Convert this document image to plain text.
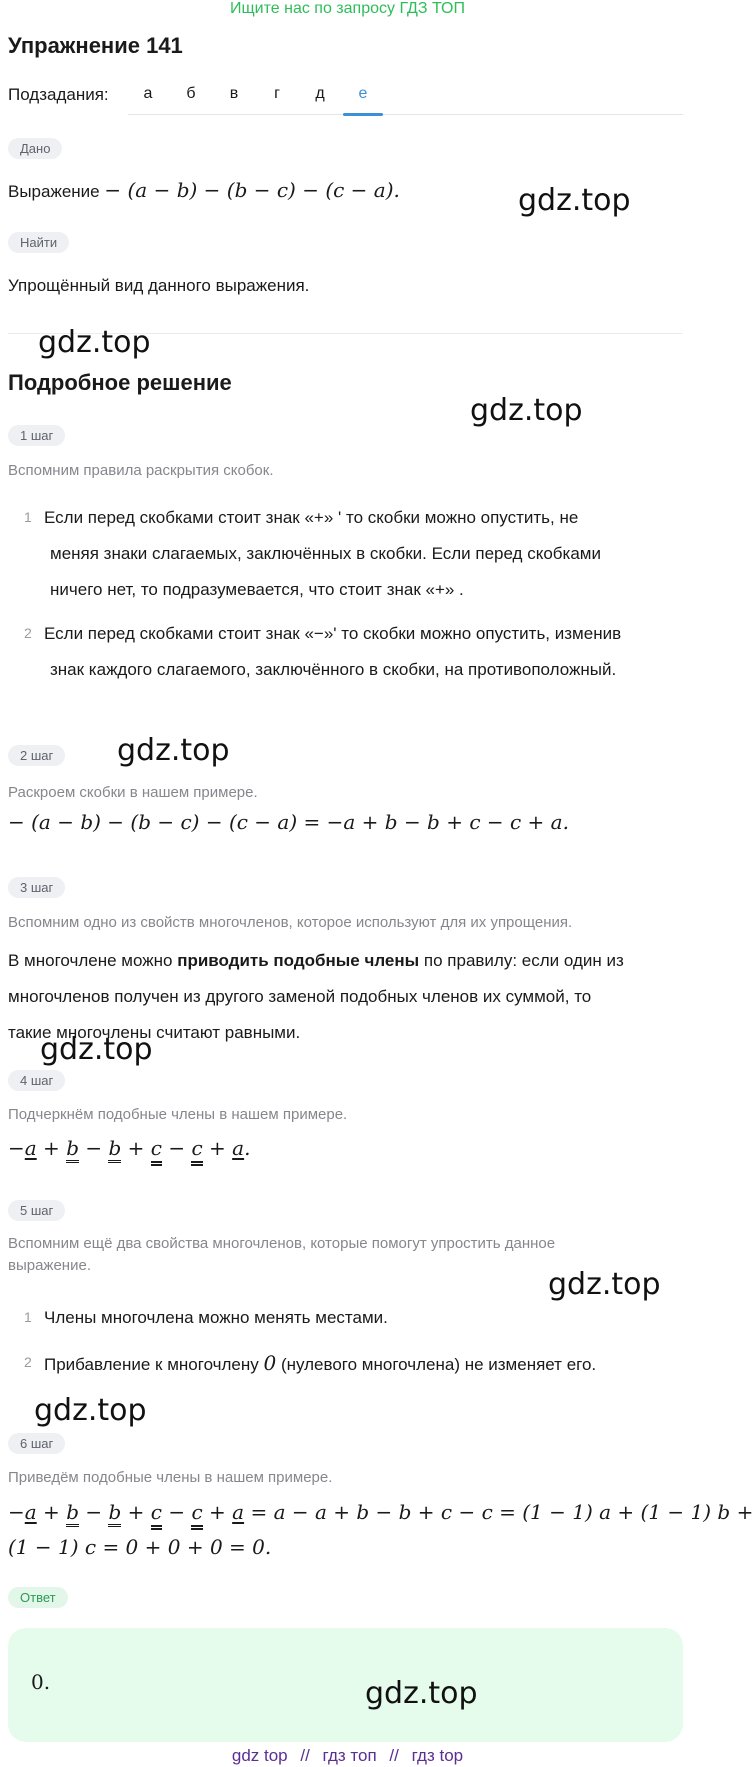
Ищите нас по запросу ГДЗ ТОП
Упражнение 141
Подзадания:	а	б	в	г	д	е
Дано
Выражение − (a − b) − (b − c) − (c − a).	gdz.top
Найти
Упрощённый вид данного выражения.
gdz.top
Подробное решение
gdz.top
1 шаг
Вспомним правила раскрытия скобок.
1 Если перед скобками стоит знак «+» ' то скобки можно опустить, не
меняя знаки слагаемых, заключённых в скобки. Если перед скобками
ничего нет, то подразумевается, что стоит знак «+» .
2 Если перед скобками стоит знак «−»' то скобки можно опустить, изменив
знак каждого слагаемого, заключённого в скобки, на противоположный.
2 шаг	gdz.top
Раскроем скобки в нашем примере.
− (a − b) − (b − c) − (c − a) = −a + b − b + c − c + a.
3 шаг
Вспомним одно из свойств многочленов, которое используют для их упрощения.
В многочлене можно приводить подобные члены по правилу: если один из
многочленов получен из другого заменой подобных членов их суммой, то
такие многочлены считают равными.
gdz.top
4 шаг
Подчеркнём подобные члены в нашем примере.
−a + b − b + c − c + a.
5 шаг
Вспомним ещё два свойства многочленов, которые помогут упростить данное
выражение.
gdz.top
1 Члены многочлена можно менять местами.
2 Прибавление к многочлену 0 (нулевого многочлена) не изменяет его.
gdz.top
6 шаг
Приведём подобные члены в нашем примере.
−a + b − b + c − c + a = a − a + b − b + c − c = (1 − 1) a + (1 − 1) b +
(1 − 1) c = 0 + 0 + 0 = 0.
Ответ
0.	gdz.top
gdz top // гдз топ // гдз top
